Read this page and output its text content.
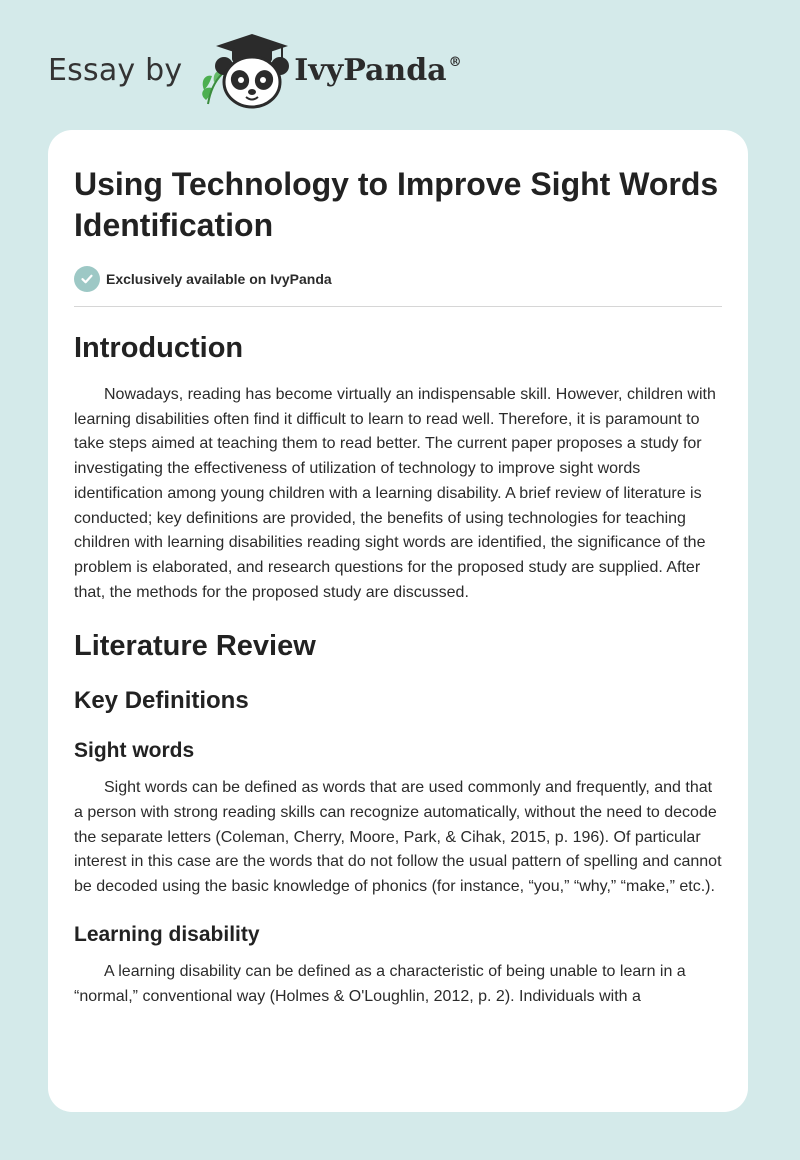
Essay by	IvyPanda ®
Using Technology to Improve Sight Words Identification
Exclusively available on IvyPanda
Introduction

Nowadays, reading has become virtually an indispensable skill. However, children with learning disabilities often find it difficult to learn to read well. Therefore, it is paramount to take steps aimed at teaching them to read better. The current paper proposes a study for investigating the effectiveness of utilization of technology to improve sight words identification among young children with a learning disability. A brief review of literature is conducted; key definitions are provided, the benefits of using technologies for teaching children with learning disabilities reading sight words are identified, the significance of the problem is elaborated, and research questions for the proposed study are supplied. After that, the methods for the proposed study are discussed.

Literature Review
Key Definitions
Sight words

Sight words can be defined as words that are used commonly and frequently, and that a person with strong reading skills can recognize automatically, without the need to decode the separate letters (Coleman, Cherry, Moore, Park, & Cihak, 2015, p. 196). Of particular interest in this case are the words that do not follow the usual pattern of spelling and cannot be decoded using the basic knowledge of phonics (for instance, “you,” “why,” “make,” etc.).

Learning disability

A learning disability can be defined as a characteristic of being unable to learn in a “normal,” conventional way (Holmes & O'Loughlin, 2012, p. 2). Individuals with a
